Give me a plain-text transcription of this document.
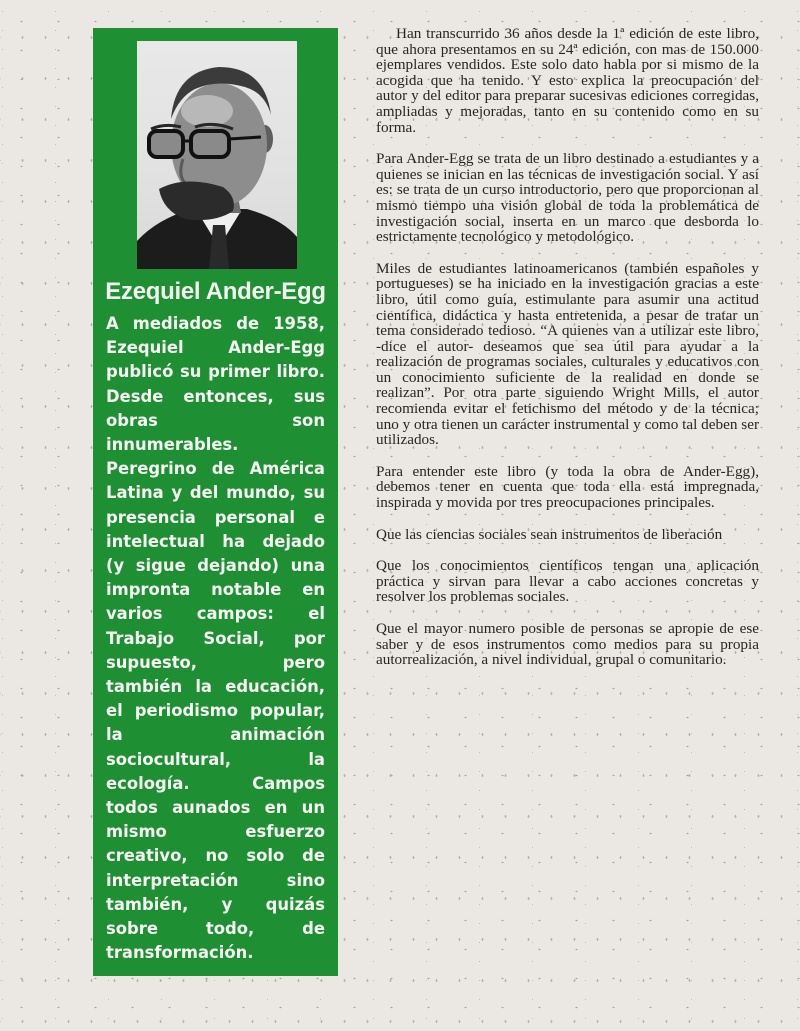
Ezequiel Ander-Egg
A mediados de 1958,
Ezequiel Ander-Egg
publicó su primer libro.
Desde entonces, sus
obras son
innumerables.
Peregrino de América
Latina y del mundo, su
presencia personal e
intelectual ha dejado
(y sigue dejando) una
impronta notable en
varios campos: el
Trabajo Social, por
supuesto, pero
también la educación,
el periodismo popular,
la animación
sociocultural, la
ecología. Campos
todos aunados en un
mismo esfuerzo
creativo, no solo de
interpretación sino
también, y quizás
sobre todo, de
transformación.

Han transcurrido 36 años desde la 1ª edición de este libro, que ahora presentamos en su 24ª edición, con mas de 150.000 ejemplares vendidos. Este solo dato habla por si mismo de la acogida que ha tenido. Y esto explica la preocupación del autor y del editor para preparar sucesivas ediciones corregidas, ampliadas y mejoradas, tanto en su contenido como en su forma.

Para Ander-Egg se trata de un libro destinado a estudiantes y a quienes se inician en las técnicas de investigación social. Y así es: se trata de un curso introductorio, pero que proporcionan al mismo tiempo una visión global de toda la problemática de investigación social, inserta en un marco que desborda lo estrictamente tecnológico y metodológico.

Miles de estudiantes latinoamericanos (también españoles y portugueses) se ha iniciado en la investigación gracias a este libro, útil como guía, estimulante para asumir una actitud científica, didáctica y hasta entretenida, a pesar de tratar un tema considerado tedioso. “A quienes van a utilizar este libro, -dice el autor- deseamos que sea útil para ayudar a la realización de programas sociales, culturales y educativos con un conocimiento suficiente de la realidad en donde se realizan”. Por otra parte siguiendo Wright Mills, el autor recomienda evitar el fetichismo del método y de la técnica; uno y otra tienen un carácter instrumental y como tal deben ser utilizados.

Para entender este libro (y toda la obra de Ander-Egg), debemos tener en cuenta que toda ella está impregnada, inspirada y movida por tres preocupaciones principales.

Que las ciencias sociales sean instrumentos de liberación

Que los conocimientos científicos tengan una aplicación práctica y sirvan para llevar a cabo acciones concretas y resolver los problemas sociales.

Que el mayor numero posible de personas se apropie de ese saber y de esos instrumentos como medios para su propia autorrealización, a nivel individual, grupal o comunitario.
